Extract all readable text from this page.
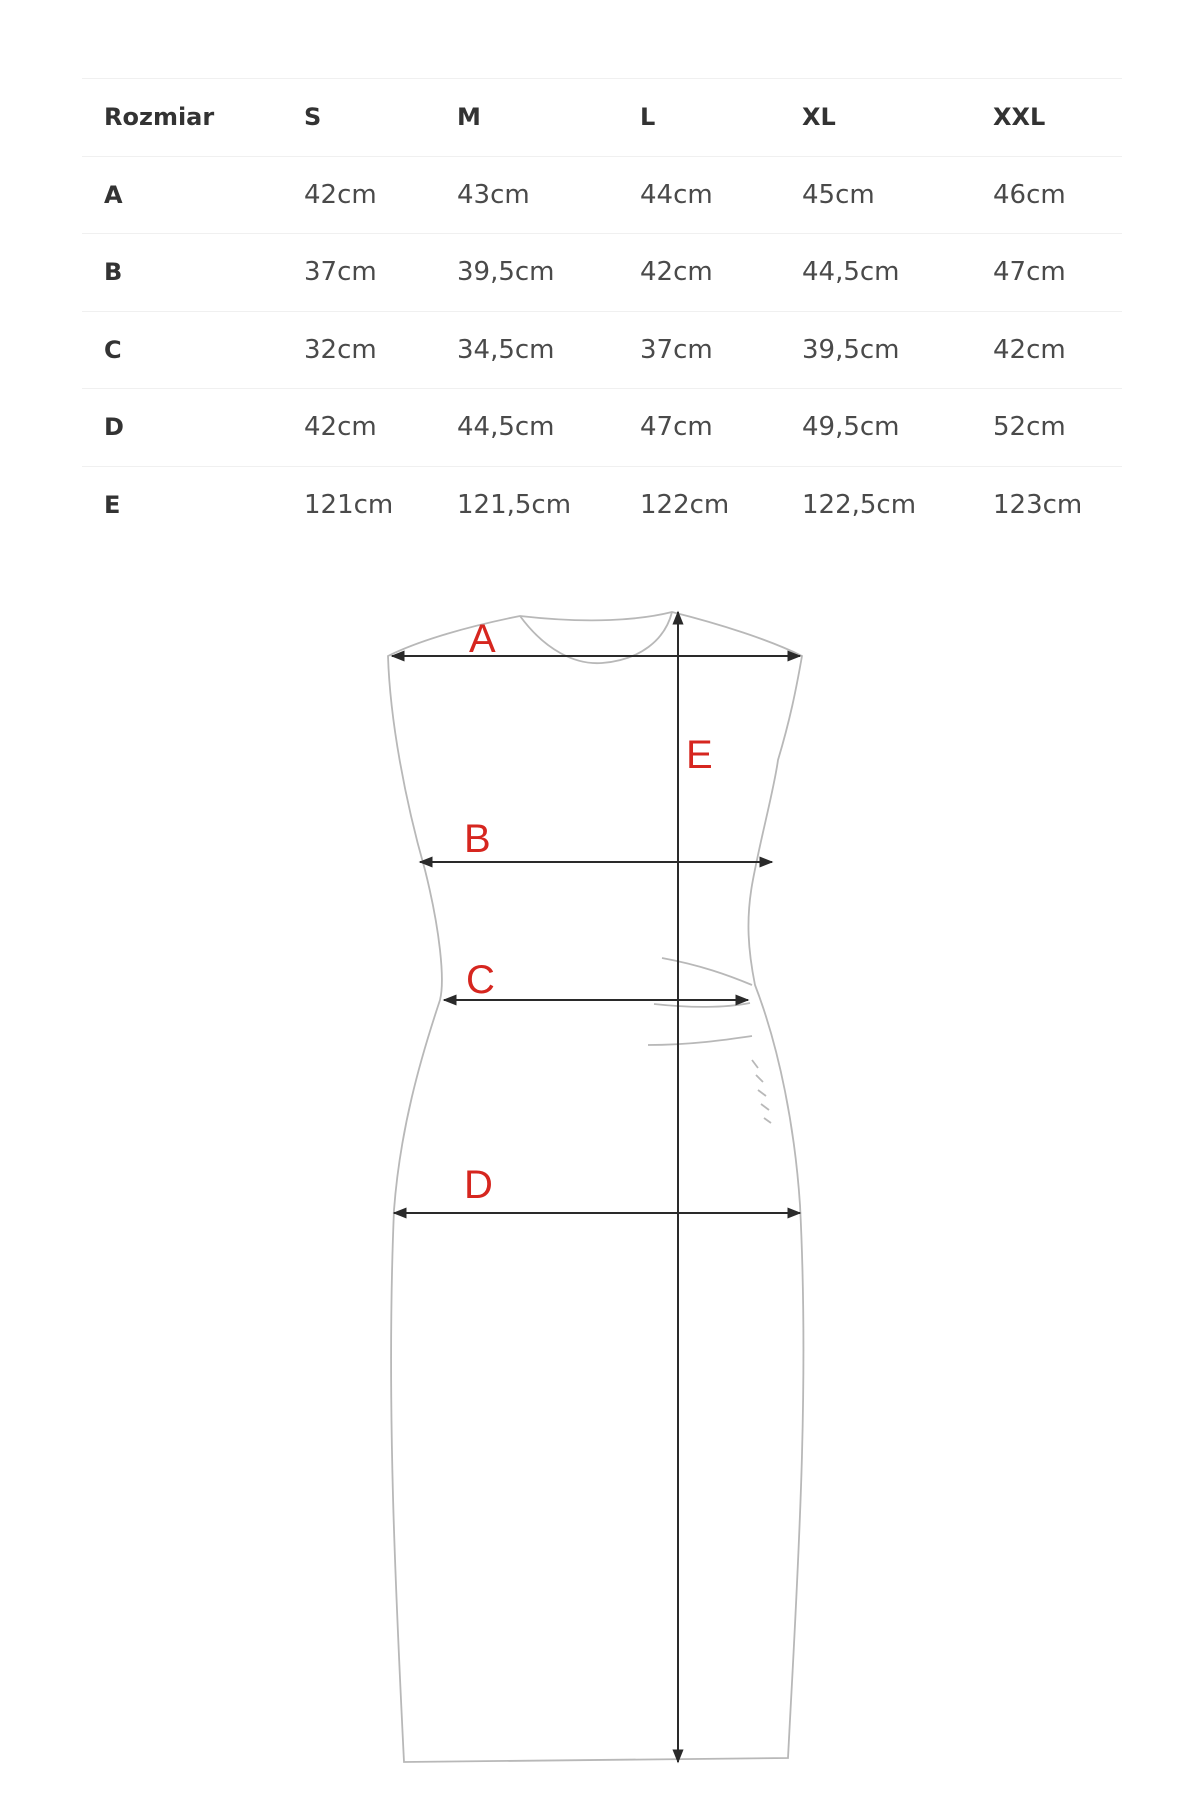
Rozmiar	S	M	L	XL	XXL
A	42cm	43cm	44cm	45cm	46cm
B	37cm	39,5cm	42cm	44,5cm	47cm
C	32cm	34,5cm	37cm	39,5cm	42cm
D	42cm	44,5cm	47cm	49,5cm	52cm
E	121cm	121,5cm	122cm	122,5cm	123cm
A
B
C
D
E
